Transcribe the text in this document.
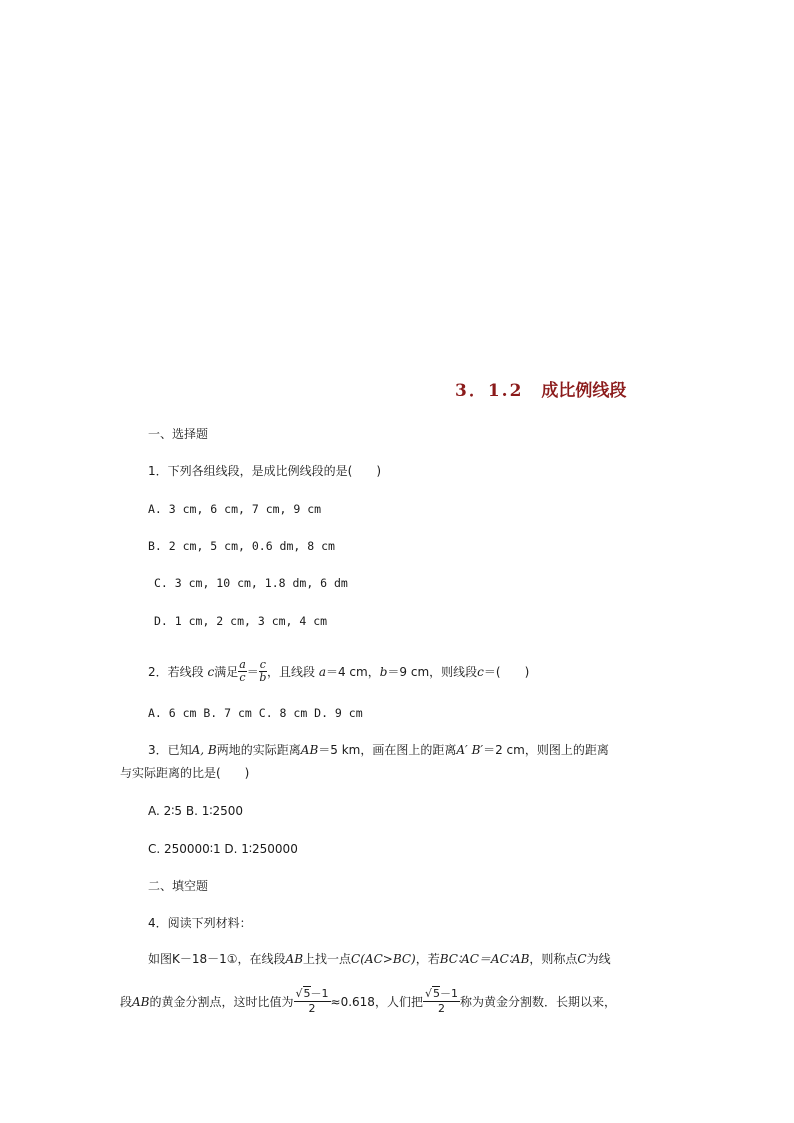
3．1.2 成比例线段
一、选择题
1．下列各组线段，是成比例线段的是(　　)
A. 3 cm, 6 cm, 7 cm, 9 cm
B. 2 cm, 5 cm, 0.6 dm, 8 cm
C. 3 cm, 10 cm, 1.8 dm, 6 dm
D. 1 cm, 2 cm, 3 cm, 4 cm
2．若线段 c满足 $\frac{a}{c} = \frac{c}{b}$ ，且线段 a＝4 cm，b＝9 cm，则线段c＝(　　)
A. 6 cm B. 7 cm C. 8 cm D. 9 cm
3．已知A, B两地的实际距离AB＝5 km，画在图上的距离A′ B′＝2 cm，则图上的距离
与实际距离的比是(　　)
A. 2∶5 B. 1∶2500
C. 250000∶1 D. 1∶250000
二、填空题
4．阅读下列材料：
如图K－18－1①，在线段AB上找一点C(AC>BC)，若BC∶AC＝AC∶AB，则称点C为线
段AB的黄金分割点，这时比值为 $\frac{√5-1}{2} \approx 0.618$，人们把 $\frac{√5-1}{2}$ 称为黄金分割数．长期以来，
